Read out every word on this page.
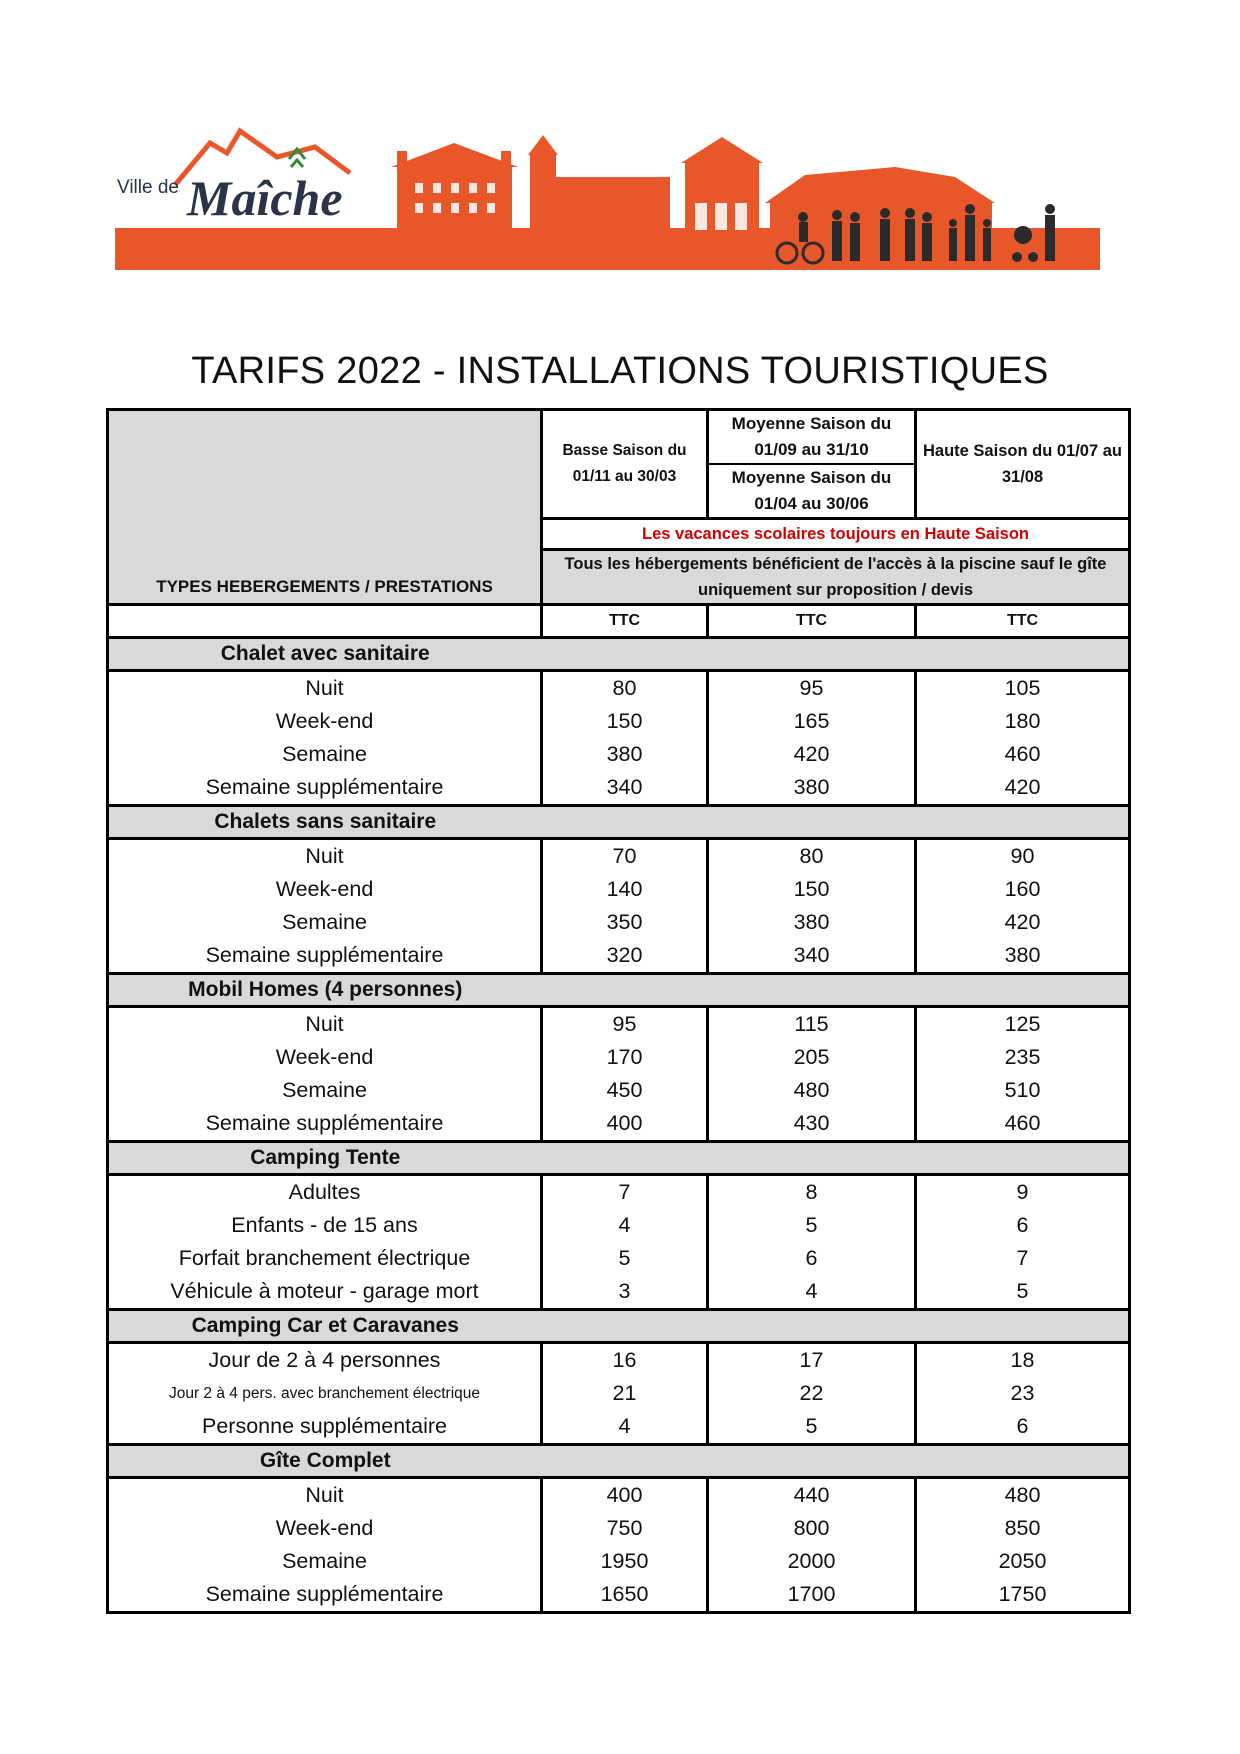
Ville de Maîche
TARIFS 2022 - INSTALLATIONS TOURISTIQUES
TYPES HEBERGEMENTS / PRESTATIONS	Basse Saison du 01/11 au 30/03	Moyenne Saison du 01/09 au 31/10	Haute Saison du 01/07 au 31/08
		Moyenne Saison du 01/04 au 30/06	
	Les vacances scolaires toujours en Haute Saison		
	Tous les hébergements bénéficient de l'accès à la piscine sauf le gîte uniquement sur proposition / devis		
	TTC	TTC	TTC
Chalet avec sanitaire			
Nuit	80	95	105
Week-end	150	165	180
Semaine	380	420	460
Semaine supplémentaire	340	380	420
Chalets sans sanitaire			
Nuit	70	80	90
Week-end	140	150	160
Semaine	350	380	420
Semaine supplémentaire	320	340	380
Mobil Homes (4 personnes)			
Nuit	95	115	125
Week-end	170	205	235
Semaine	450	480	510
Semaine supplémentaire	400	430	460
Camping Tente			
Adultes	7	8	9
Enfants - de 15 ans	4	5	6
Forfait branchement électrique	5	6	7
Véhicule à moteur - garage mort	3	4	5
Camping Car et Caravanes			
Jour de 2 à 4 personnes	16	17	18
Jour 2 à 4 pers. avec branchement électrique	21	22	23
Personne supplémentaire	4	5	6
Gîte Complet			
Nuit	400	440	480
Week-end	750	800	850
Semaine	1950	2000	2050
Semaine supplémentaire	1650	1700	1750
